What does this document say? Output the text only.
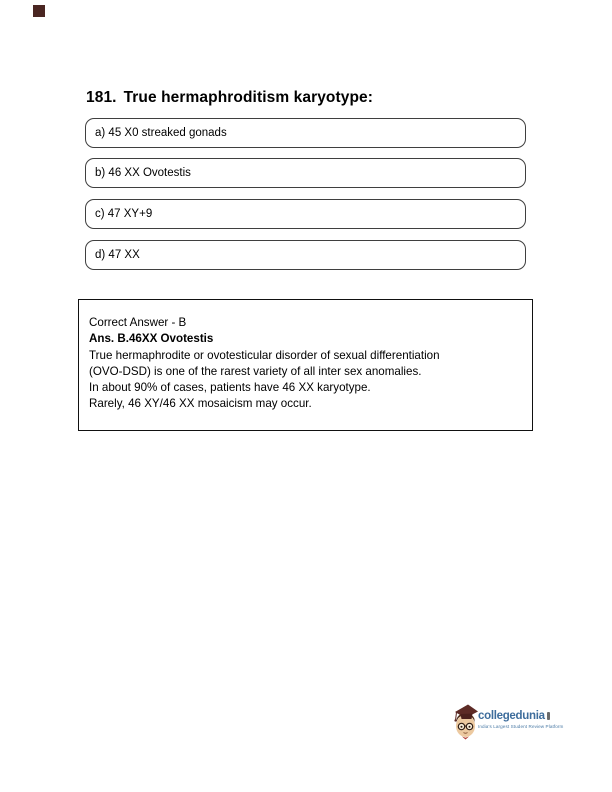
181. True hermaphroditism karyotype:
a) 45 X0 streaked gonads
b) 46 XX Ovotestis
c) 47 XY+9
d) 47 XX
Correct Answer - B
Ans. B.46XX Ovotestis
True hermaphrodite or ovotesticular disorder of sexual differentiation
(OVO-DSD) is one of the rarest variety of all inter sex anomalies.
In about 90% of cases, patients have 46 XX karyotype.
Rarely, 46 XY/46 XX mosaicism may occur.
collegedunia
India's Largest Student Review Platform
